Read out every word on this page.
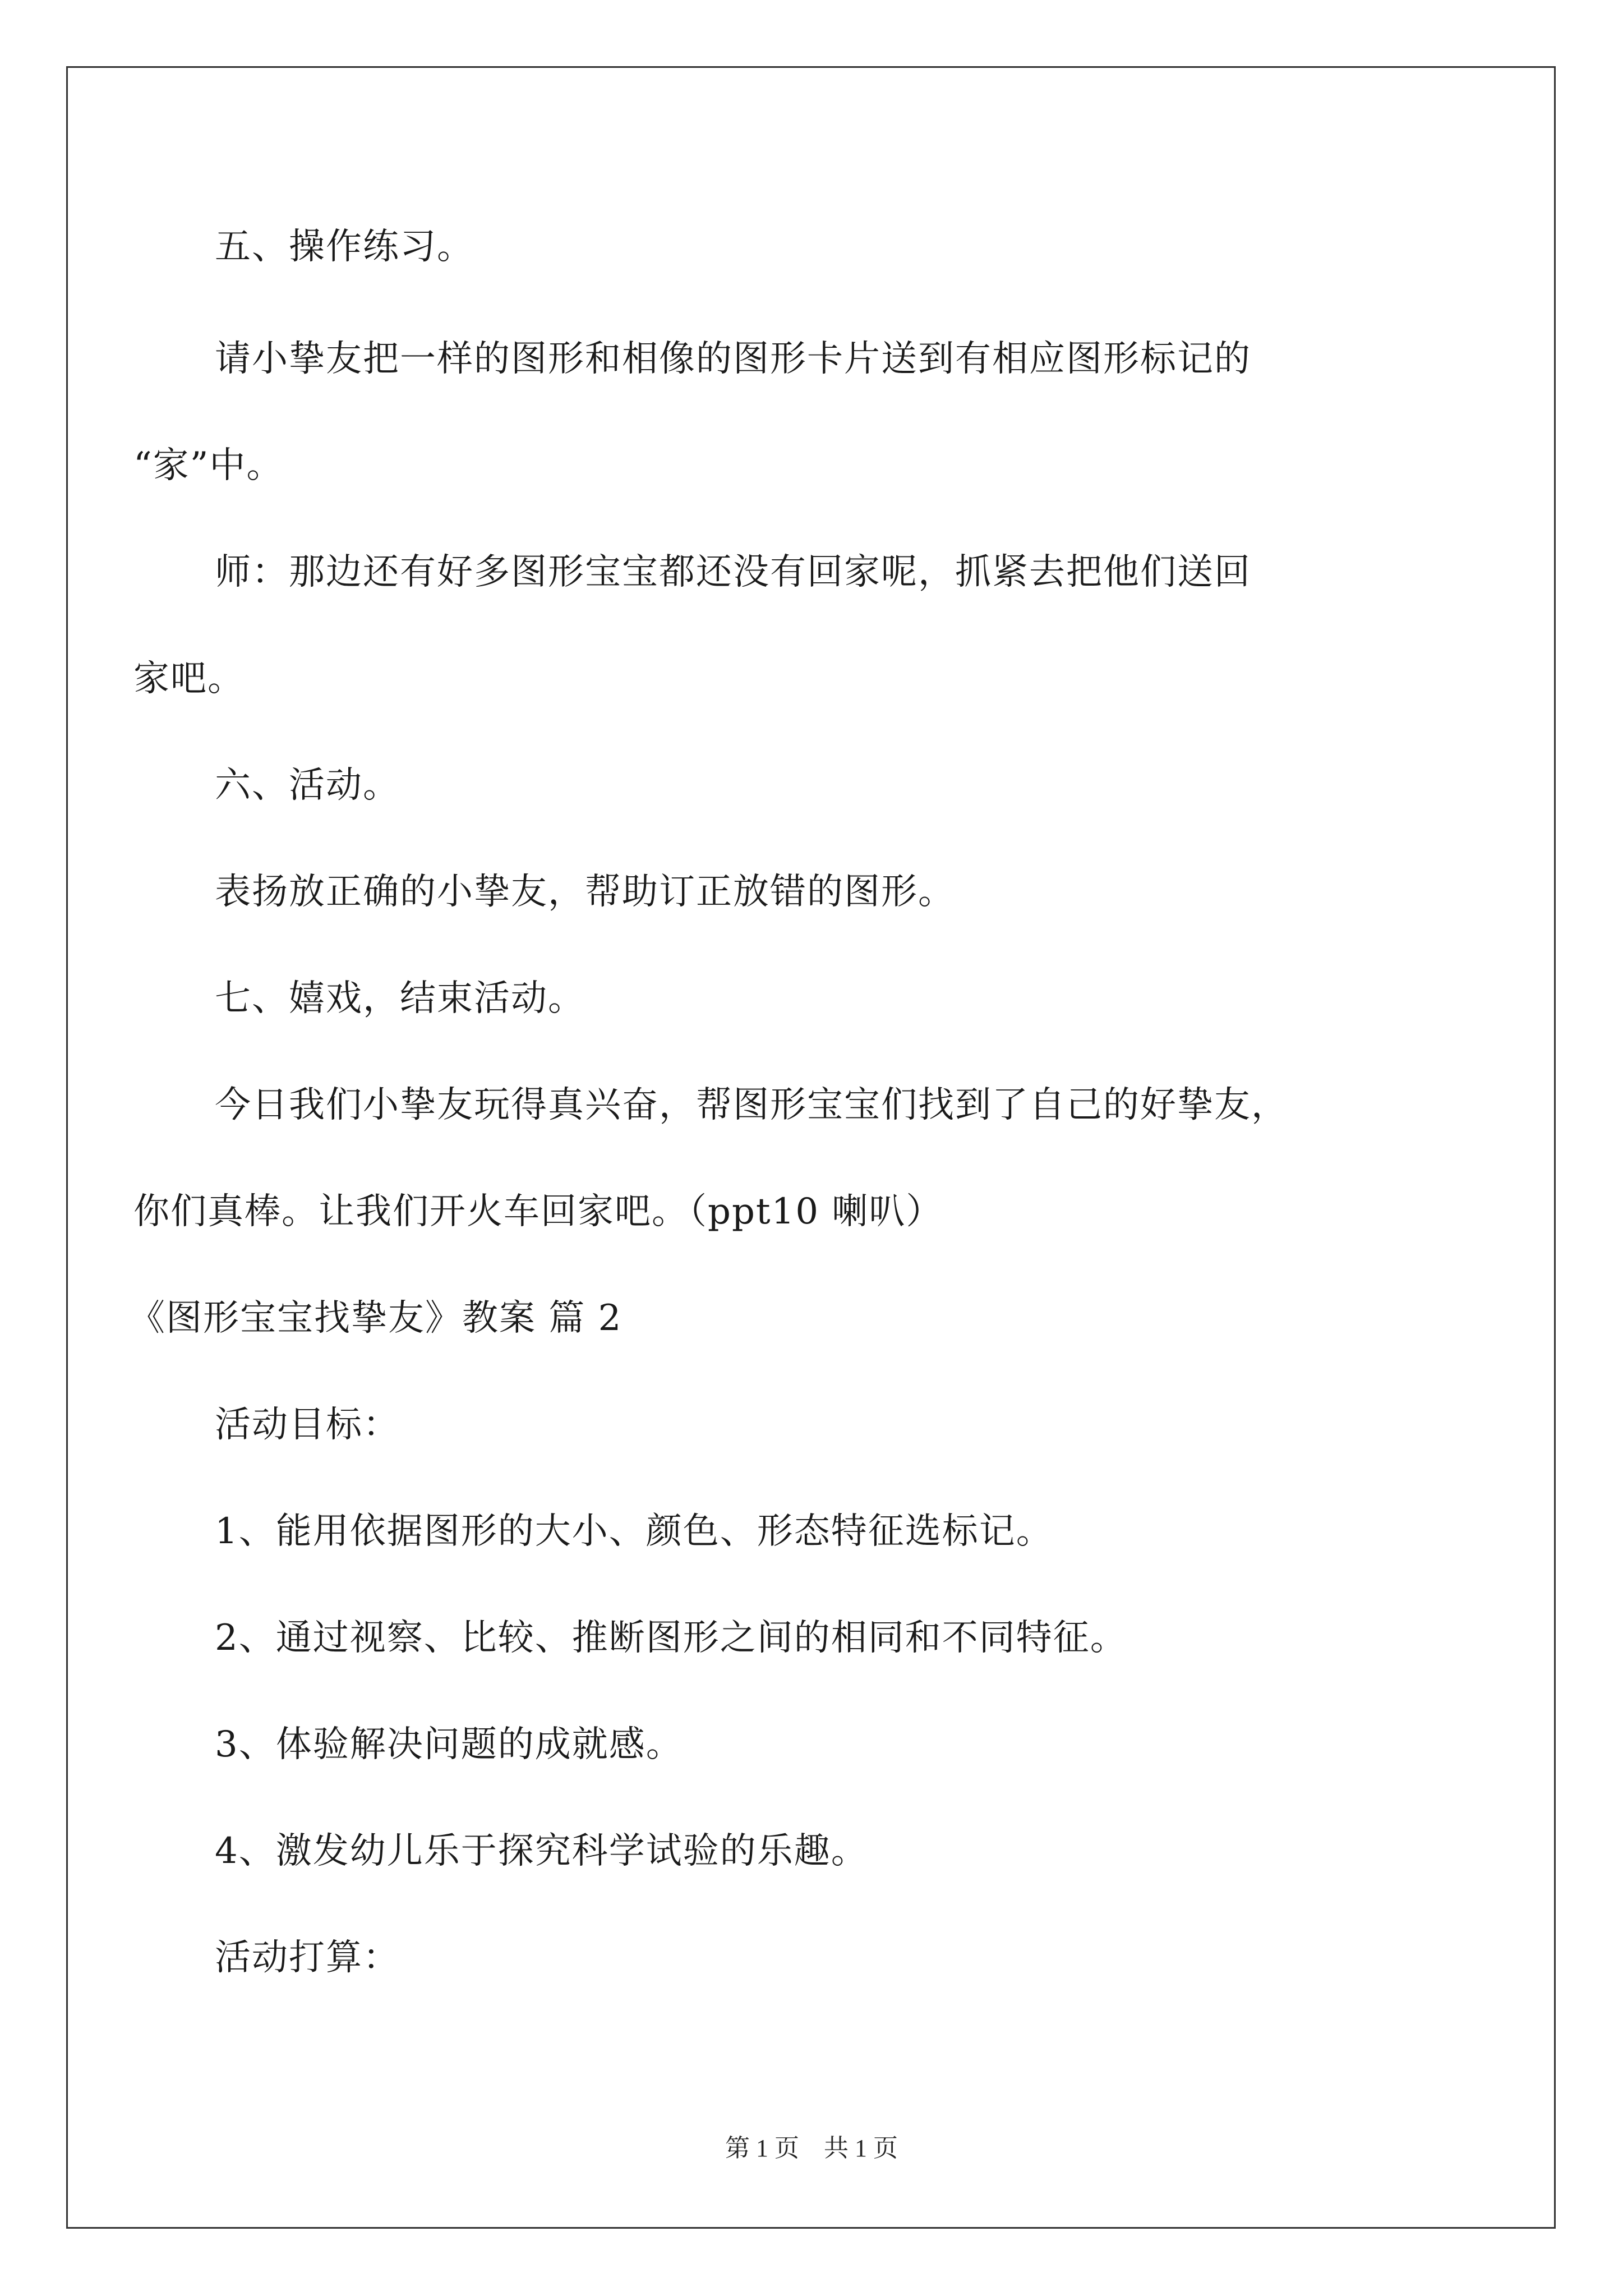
五、操作练习。
请小挚友把一样的图形和相像的图形卡片送到有相应图形标记的
“家”中。
师：那边还有好多图形宝宝都还没有回家呢，抓紧去把他们送回
家吧。
六、活动。
表扬放正确的小挚友，帮助订正放错的图形。
七、嬉戏，结束活动。
今日我们小挚友玩得真兴奋，帮图形宝宝们找到了自己的好挚友，
你们真棒。让我们开火车回家吧。（ppt10 喇叭）
《图形宝宝找挚友》教案 篇 2
活动目标：
1、能用依据图形的大小、颜色、形态特征选标记。
2、通过视察、比较、推断图形之间的相同和不同特征。
3、体验解决问题的成就感。
4、激发幼儿乐于探究科学试验的乐趣。
活动打算：
第 1 页　共 1 页
